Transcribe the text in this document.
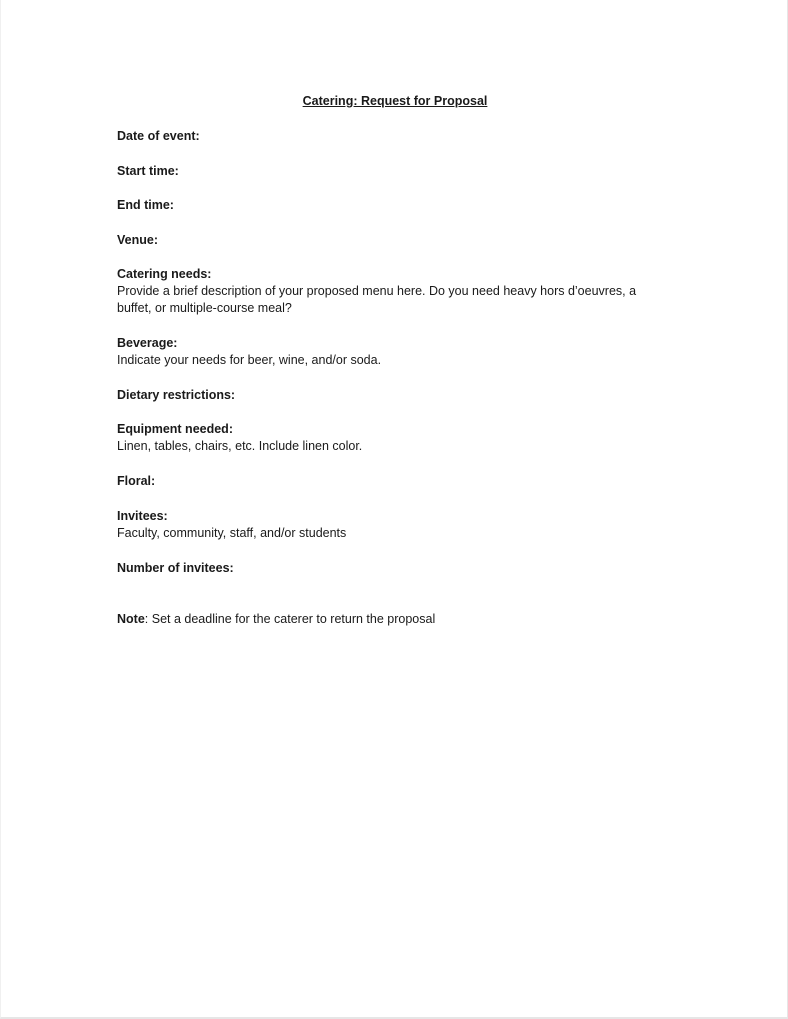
Catering: Request for Proposal
Date of event:
Start time:
End time:
Venue:
Catering needs:
Provide a brief description of your proposed menu here. Do you need heavy hors d’oeuvres, a
buffet, or multiple-course meal?
Beverage:
Indicate your needs for beer, wine, and/or soda.
Dietary restrictions:
Equipment needed:
Linen, tables, chairs, etc. Include linen color.
Floral:
Invitees:
Faculty, community, staff, and/or students
Number of invitees:
Note: Set a deadline for the caterer to return the proposal
